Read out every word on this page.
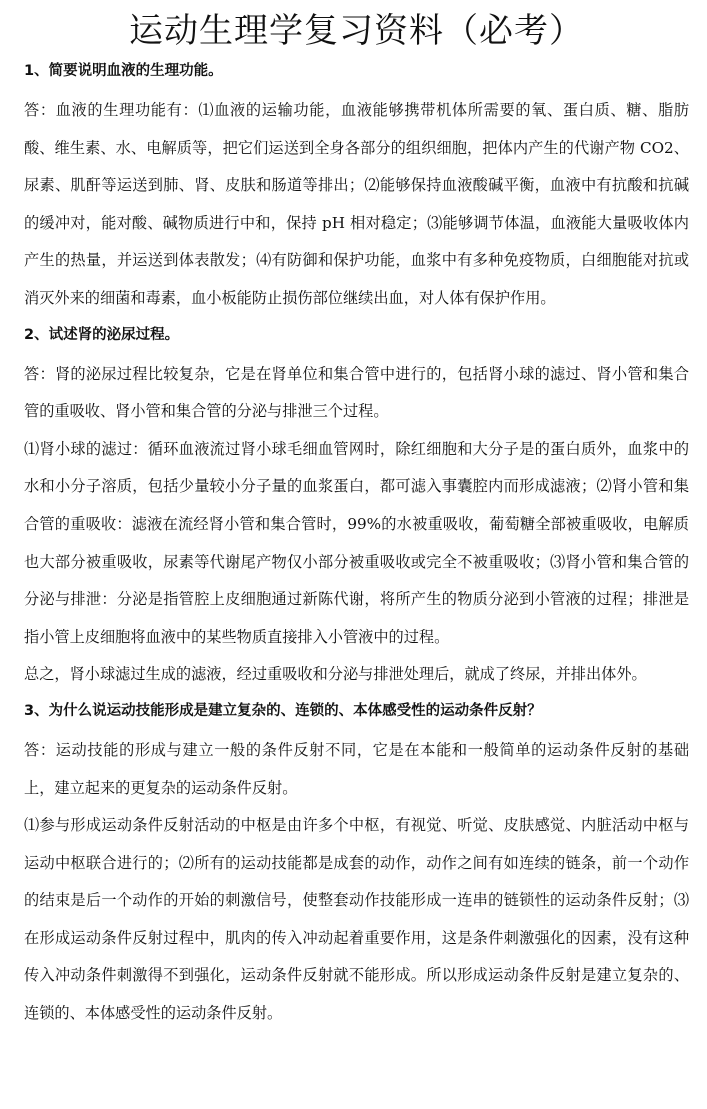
运动生理学复习资料（必考）
1、简要说明血液的生理功能。

答：血液的生理功能有：⑴血液的运输功能，血液能够携带机体所需要的氧、蛋白质、糖、脂肪酸、维生素、水、电解质等，把它们运送到全身各部分的组织细胞，把体内产生的代谢产物 CO2、尿素、肌酐等运送到肺、肾、皮肤和肠道等排出；⑵能够保持血液酸碱平衡，血液中有抗酸和抗碱的缓冲对，能对酸、碱物质进行中和，保持 pH 相对稳定；⑶能够调节体温，血液能大量吸收体内产生的热量，并运送到体表散发；⑷有防御和保护功能，血浆中有多种免疫物质，白细胞能对抗或消灭外来的细菌和毒素，血小板能防止损伤部位继续出血，对人体有保护作用。

2、试述肾的泌尿过程。

答：肾的泌尿过程比较复杂，它是在肾单位和集合管中进行的，包括肾小球的滤过、肾小管和集合管的重吸收、肾小管和集合管的分泌与排泄三个过程。

⑴肾小球的滤过：循环血液流过肾小球毛细血管网时，除红细胞和大分子是的蛋白质外，血浆中的水和小分子溶质，包括少量较小分子量的血浆蛋白，都可滤入事囊腔内而形成滤液；⑵肾小管和集合管的重吸收：滤液在流经肾小管和集合管时，99%的水被重吸收，葡萄糖全部被重吸收，电解质也大部分被重吸收，尿素等代谢尾产物仅小部分被重吸收或完全不被重吸收；⑶肾小管和集合管的分泌与排泄：分泌是指管腔上皮细胞通过新陈代谢，将所产生的物质分泌到小管液的过程；排泄是指小管上皮细胞将血液中的某些物质直接排入小管液中的过程。

总之，肾小球滤过生成的滤液，经过重吸收和分泌与排泄处理后，就成了终尿，并排出体外。

3、为什么说运动技能形成是建立复杂的、连锁的、本体感受性的运动条件反射？

答：运动技能的形成与建立一般的条件反射不同，它是在本能和一般简单的运动条件反射的基础上，建立起来的更复杂的运动条件反射。

⑴参与形成运动条件反射活动的中枢是由许多个中枢，有视觉、听觉、皮肤感觉、内脏活动中枢与运动中枢联合进行的；⑵所有的运动技能都是成套的动作，动作之间有如连续的链条，前一个动作的结束是后一个动作的开始的刺激信号，使整套动作技能形成一连串的链锁性的运动条件反射；⑶在形成运动条件反射过程中，肌肉的传入冲动起着重要作用，这是条件刺激强化的因素，没有这种传入冲动条件刺激得不到强化，运动条件反射就不能形成。所以形成运动条件反射是建立复杂的、连锁的、本体感受性的运动条件反射。
